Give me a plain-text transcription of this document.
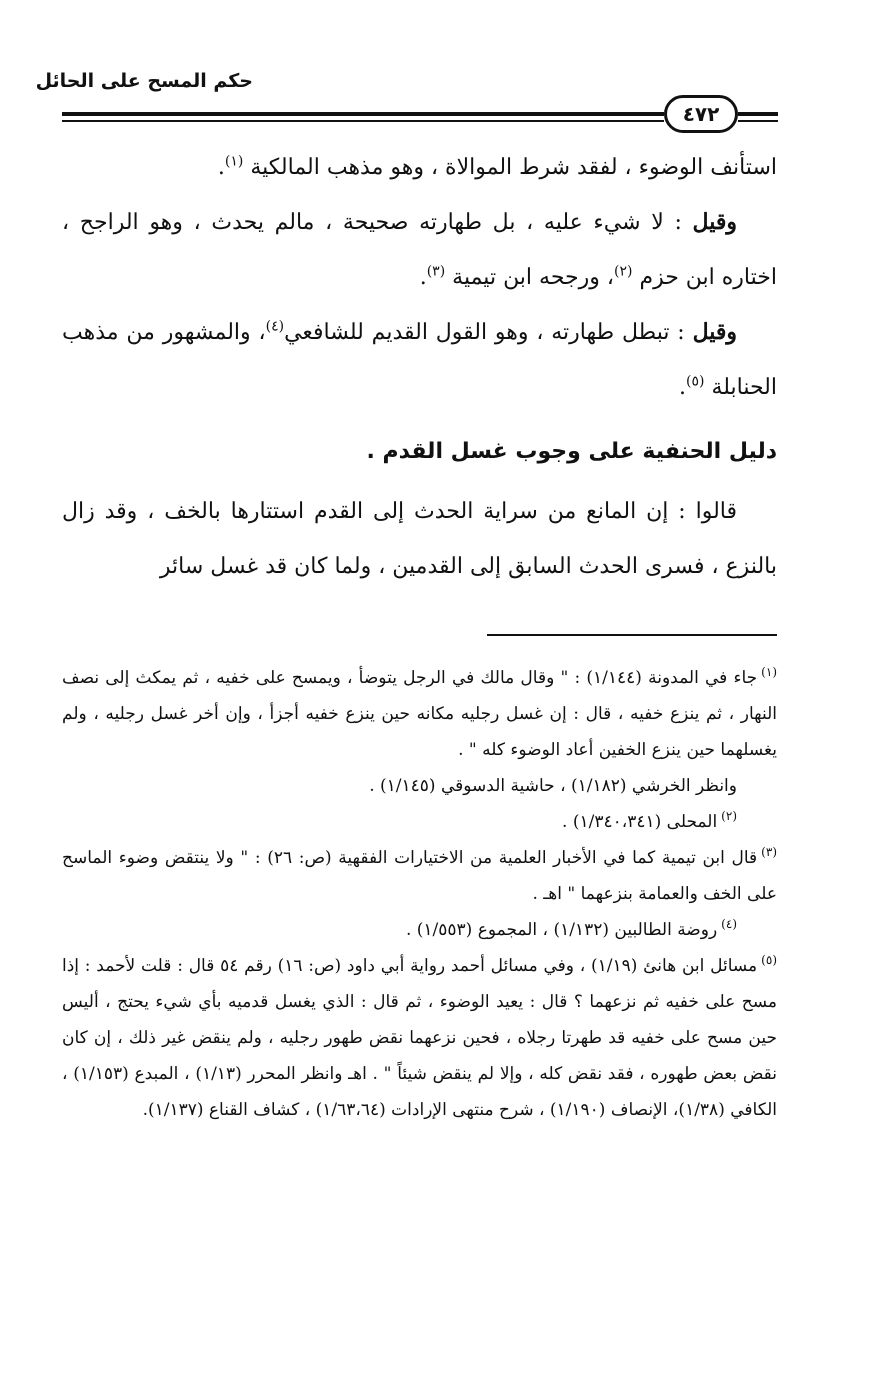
حكم المسح على الحائل
٤٧٢

استأنف الوضوء ، لفقد شرط الموالاة ، وهو مذهب المالكية $^{(١)}$.

وقيل : لا شيء عليه ، بل طهارته صحيحة ، مالم يحدث ، وهو الراجح ، اختاره ابن حزم $^{(٢)}$، ورجحه ابن تيمية $^{(٣)}$.

وقيل : تبطل طهارته ، وهو القول القديم للشافعي$^{(٤)}$، والمشهور من مذهب الحنابلة $^{(٥)}$.

دليل الحنفية على وجوب غسل القدم .
قالوا : إن المانع من سراية الحدث إلى القدم استتارها بالخف ، وقد زال بالنزع ، فسرى الحدث السابق إلى القدمين ، ولما كان قد غسل سائر

$^{(١)}$جاء في المدونة (١/١٤٤) : " وقال مالك في الرجل يتوضأ ، ويمسح على خفيه ، ثم يمكث إلى نصف النهار ، ثم ينزع خفيه ، قال : إن غسل رجليه مكانه حين ينزع خفيه أجزأ ، وإن أخر غسل رجليه ، ولم يغسلهما حين ينزع الخفين أعاد الوضوء كله " .

وانظر الخرشي (١/١٨٢) ، حاشية الدسوقي (١/١٤٥) .

$^{(٢)}$المحلى (١/٣٤٠،٣٤١) .

$^{(٣)}$قال ابن تيمية كما في الأخبار العلمية من الاختيارات الفقهية (ص: ٢٦) : " ولا ينتقض وضوء الماسح على الخف والعمامة بنزعهما " اهـ .

$^{(٤)}$روضة الطالبين (١/١٣٢) ، المجموع (١/٥٥٣) .

$^{(٥)}$مسائل ابن هانئ (١/١٩) ، وفي مسائل أحمد رواية أبي داود (ص: ١٦) رقم ٥٤ قال : قلت لأحمد : إذا مسح على خفيه ثم نزعهما ؟ قال : يعيد الوضوء ، ثم قال : الذي يغسل قدميه بأي شيء يحتج ، أليس حين مسح على خفيه قد طهرتا رجلاه ، فحين نزعهما نقض طهور رجليه ، ولم ينقض غير ذلك ، إن كان نقض بعض طهوره ، فقد نقض كله ، وإلا لم ينقض شيئاً " . اهـ وانظر المحرر (١/١٣) ، المبدع (١/١٥٣) ، الكافي (١/٣٨)، الإنصاف (١/١٩٠) ، شرح منتهى الإرادات (١/٦٣،٦٤) ، كشاف القناع (١/١٣٧).
